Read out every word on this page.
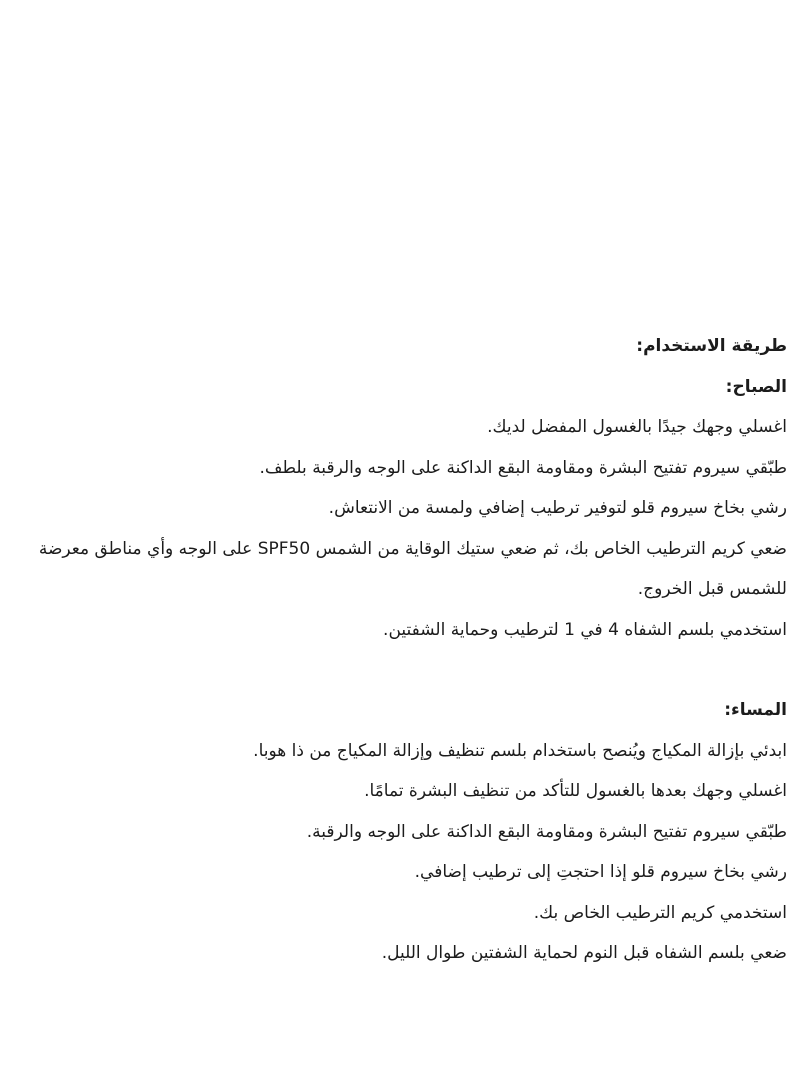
طريقة الاستخدام:
الصباح:
اغسلي وجهك جيدًا بالغسول المفضل لديك.
طبّقي سيروم تفتيح البشرة ومقاومة البقع الداكنة على الوجه والرقبة بلطف.
رشي بخاخ سيروم قلو لتوفير ترطيب إضافي ولمسة من الانتعاش.
ضعي كريم الترطيب الخاص بك، ثم ضعي ستيك الوقاية من الشمس SPF50 على الوجه وأي مناطق معرضة
للشمس قبل الخروج.
استخدمي بلسم الشفاه 4 في 1 لترطيب وحماية الشفتين.
المساء:
ابدئي بإزالة المكياج ويُنصح باستخدام بلسم تنظيف وإزالة المكياج من ذا هوبا.
اغسلي وجهك بعدها بالغسول للتأكد من تنظيف البشرة تمامًا.
طبّقي سيروم تفتيح البشرة ومقاومة البقع الداكنة على الوجه والرقبة.
رشي بخاخ سيروم قلو إذا احتجتِ إلى ترطيب إضافي.
استخدمي كريم الترطيب الخاص بك.
ضعي بلسم الشفاه قبل النوم لحماية الشفتين طوال الليل.
